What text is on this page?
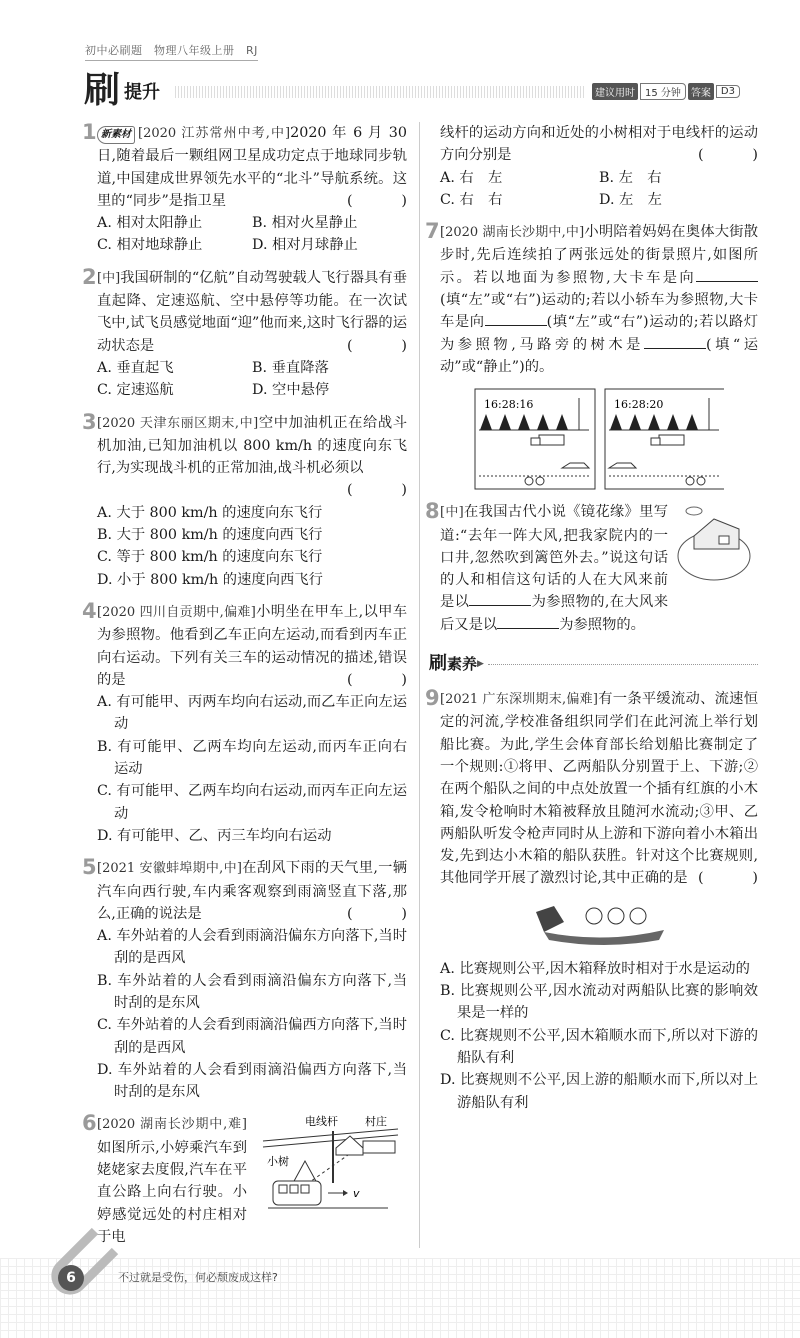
初中必刷题　物理八年级上册　RJ
刷 提升	建议用时	15 分钟	答案	D3
1 新素材 [2020 江苏常州中考,中]2020 年 6 月 30 日,随着最后一颗组网卫星成功定点于地球同步轨道,中国建成世界领先水平的“北斗”导航系统。这里的“同步”是指卫星	(	)
A. 相对太阳静止	B. 相对火星静止
C. 相对地球静止	D. 相对月球静止
2 [中]我国研制的“亿航”自动驾驶载人飞行器具有垂直起降、定速巡航、空中悬停等功能。在一次试飞中,试飞员感觉地面“迎”他而来,这时飞行器的运动状态是	(	)
A. 垂直起飞	B. 垂直降落
C. 定速巡航	D. 空中悬停
3 [2020 天津东丽区期末,中]空中加油机正在给战斗机加油,已知加油机以 800 km/h 的速度向东飞行,为实现战斗机的正常加油,战斗机必须以
(	)
A. 大于 800 km/h 的速度向东飞行
B. 大于 800 km/h 的速度向西飞行
C. 等于 800 km/h 的速度向东飞行
D. 小于 800 km/h 的速度向西飞行
4 [2020 四川自贡期中,偏难]小明坐在甲车上,以甲车为参照物。他看到乙车正向左运动,而看到丙车正向右运动。下列有关三车的运动情况的描述,错误的是	(	)
A. 有可能甲、丙两车均向右运动,而乙车正向左运动
B. 有可能甲、乙两车均向左运动,而丙车正向右运动
C. 有可能甲、乙两车均向右运动,而丙车正向左运动
D. 有可能甲、乙、丙三车均向右运动
5 [2021 安徽蚌埠期中,中]在刮风下雨的天气里,一辆汽车向西行驶,车内乘客观察到雨滴竖直下落,那么,正确的说法是	(	)
A. 车外站着的人会看到雨滴沿偏东方向落下,当时刮的是西风
B. 车外站着的人会看到雨滴沿偏东方向落下,当时刮的是东风
C. 车外站着的人会看到雨滴沿偏西方向落下,当时刮的是西风
D. 车外站着的人会看到雨滴沿偏西方向落下,当时刮的是东风
6 [2020 湖南长沙期中,难] 如图所示,小婷乘汽车到姥姥家去度假,汽车在平直公路上向右行驶。小婷感觉远处的村庄相对于电
电线杆 村庄
小树
v
线杆的运动方向和近处的小树相对于电线杆的运动方向分别是	(	)
A. 右　左	B. 左　右
C. 右　右	D. 左　左
7 [2020 湖南长沙期中,中]小明陪着妈妈在奥体大街散步时,先后连续拍了两张远处的街景照片,如图所示。若以地面为参照物,大卡车是向(填“左”或“右”)运动的;若以小轿车为参照物,大卡车是向	(填“左”或“右”)运动的;若以路灯为参照物,马路旁的树木是	(填“运动”或“静止”)的。
16:28:16	16:28:20
8 [中]在我国古代小说《镜花缘》里写道:“去年一阵大风,把我家院内的一口井,忽然吹到篱笆外去。”说这句话的人和相信这句话的人在大风来前是以	为参照物的,在大风来后又是以	为参照物的。
刷 素养 ▶
9 [2021 广东深圳期末,偏难]有一条平缓流动、流速恒定的河流,学校准备组织同学们在此河流上举行划船比赛。为此,学生会体育部长给划船比赛制定了一个规则:①将甲、乙两船队分别置于上、下游;②在两个船队之间的中点处放置一个插有红旗的小木箱,发令枪响时木箱被释放且随河水流动;③甲、乙两船队听发令枪声同时从上游和下游向着小木箱出发,先到达小木箱的船队获胜。针对这个比赛规则,其他同学开展了激烈讨论,其中正确的是 (	)
A. 比赛规则公平,因木箱释放时相对于水是运动的
B. 比赛规则公平,因水流动对两船队比赛的影响效果是一样的
C. 比赛规则不公平,因木箱顺水而下,所以对下游的船队有利
D. 比赛规则不公平,因上游的船顺水而下,所以对上游船队有利
6	不过就是受伤，何必颓废成这样?
